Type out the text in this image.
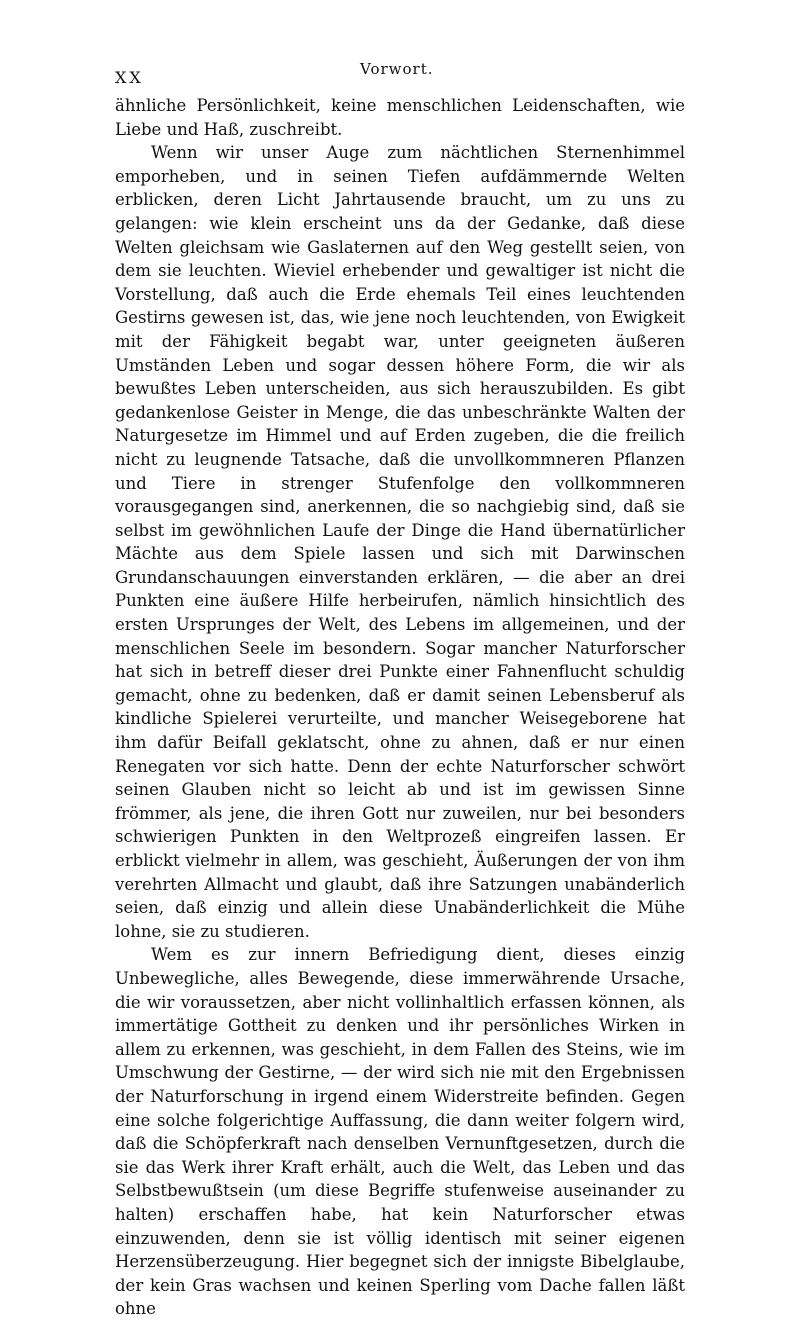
XX	Vorwort.

ähnliche Persönlichkeit, keine menschlichen Leidenschaften, wie Liebe und Haß, zuschreibt.

Wenn wir unser Auge zum nächtlichen Sternenhimmel emporheben, und in seinen Tiefen aufdämmernde Welten erblicken, deren Licht Jahrtausende braucht, um zu uns zu gelangen: wie klein erscheint uns da der Gedanke, daß diese Welten gleichsam wie Gaslaternen auf den Weg gestellt seien, von dem sie leuchten. Wieviel erhebender und gewaltiger ist nicht die Vorstellung, daß auch die Erde ehemals Teil eines leuchtenden Gestirns gewesen ist, das, wie jene noch leuchtenden, von Ewigkeit mit der Fähigkeit begabt war, unter geeigneten äußeren Umständen Leben und sogar dessen höhere Form, die wir als bewußtes Leben unterscheiden, aus sich herauszubilden. Es gibt gedankenlose Geister in Menge, die das unbeschränkte Walten der Naturgesetze im Himmel und auf Erden zugeben, die die freilich nicht zu leugnende Tatsache, daß die unvollkommneren Pflanzen und Tiere in strenger Stufenfolge den vollkommneren vorausgegangen sind, anerkennen, die so nachgiebig sind, daß sie selbst im gewöhnlichen Laufe der Dinge die Hand übernatürlicher Mächte aus dem Spiele lassen und sich mit Darwinschen Grundanschauungen einverstanden erklären, — die aber an drei Punkten eine äußere Hilfe herbeirufen, nämlich hinsichtlich des ersten Ursprunges der Welt, des Lebens im allgemeinen, und der menschlichen Seele im besondern. Sogar mancher Naturforscher hat sich in betreff dieser drei Punkte einer Fahnenflucht schuldig gemacht, ohne zu bedenken, daß er damit seinen Lebensberuf als kindliche Spielerei verurteilte, und mancher Weisegeborene hat ihm dafür Beifall geklatscht, ohne zu ahnen, daß er nur einen Renegaten vor sich hatte. Denn der echte Naturforscher schwört seinen Glauben nicht so leicht ab und ist im gewissen Sinne frömmer, als jene, die ihren Gott nur zuweilen, nur bei besonders schwierigen Punkten in den Weltprozeß eingreifen lassen. Er erblickt vielmehr in allem, was geschieht, Äußerungen der von ihm verehrten Allmacht und glaubt, daß ihre Satzungen unabänderlich seien, daß einzig und allein diese Unabänderlichkeit die Mühe lohne, sie zu studieren.

Wem es zur innern Befriedigung dient, dieses einzig Unbewegliche, alles Bewegende, diese immerwährende Ursache, die wir voraussetzen, aber nicht vollinhaltlich erfassen können, als immertätige Gottheit zu denken und ihr persönliches Wirken in allem zu erkennen, was geschieht, in dem Fallen des Steins, wie im Umschwung der Gestirne, — der wird sich nie mit den Ergebnissen der Naturforschung in irgend einem Widerstreite befinden. Gegen eine solche folgerichtige Auffassung, die dann weiter folgern wird, daß die Schöpferkraft nach denselben Vernunftgesetzen, durch die sie das Werk ihrer Kraft erhält, auch die Welt, das Leben und das Selbstbewußtsein (um diese Begriffe stufenweise auseinander zu halten) erschaffen habe, hat kein Naturforscher etwas einzuwenden, denn sie ist völlig identisch mit seiner eigenen Herzensüberzeugung. Hier begegnet sich der innigste Bibelglaube, der kein Gras wachsen und keinen Sperling vom Dache fallen läßt ohne
